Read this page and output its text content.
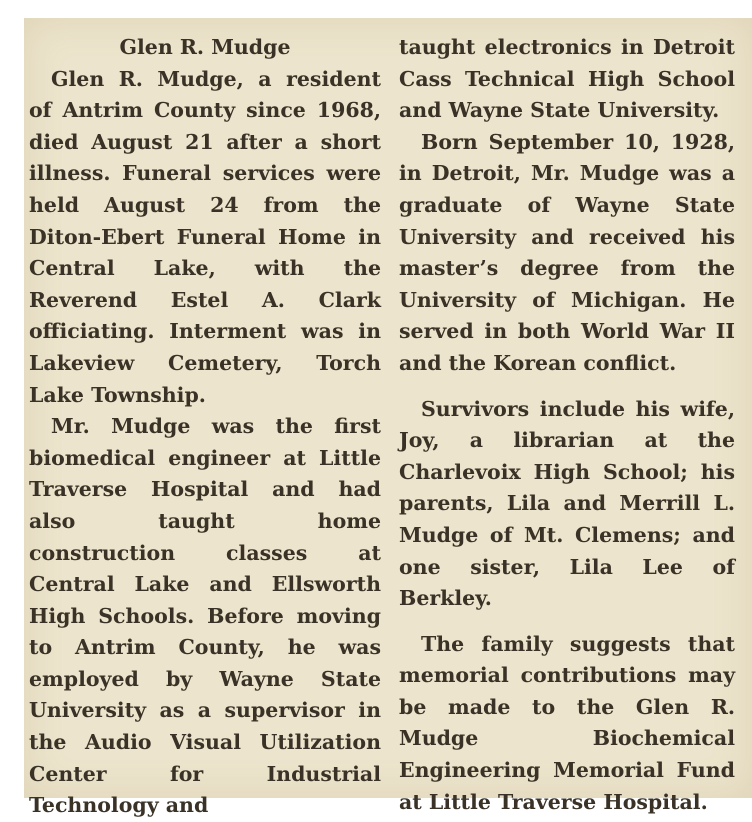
Glen R. Mudge

Glen R. Mudge, a resident of Antrim County since 1968, died August 21 after a short illness. Funeral services were held August 24 from the Diton-Ebert Funeral Home in Central Lake, with the Reverend Estel A. Clark officiating. Interment was in Lakeview Cemetery, Torch Lake Township.

Mr. Mudge was the first biomedical engineer at Little Traverse Hospital and had also taught home construction classes at Central Lake and Ellsworth High Schools. Before moving to Antrim County, he was employed by Wayne State University as a supervisor in the Audio Visual Utilization Center for Industrial Technology and

taught electronics in Detroit Cass Technical High School and Wayne State University.

Born September 10, 1928, in Detroit, Mr. Mudge was a graduate of Wayne State University and received his master’s degree from the University of Michigan. He served in both World War II and the Korean conflict.

Survivors include his wife, Joy, a librarian at the Charlevoix High School; his parents, Lila and Merrill L. Mudge of Mt. Clemens; and one sister, Lila Lee of Berkley.

The family suggests that memorial contributions may be made to the Glen R. Mudge Biochemical Engineering Memorial Fund at Little Traverse Hospital.
